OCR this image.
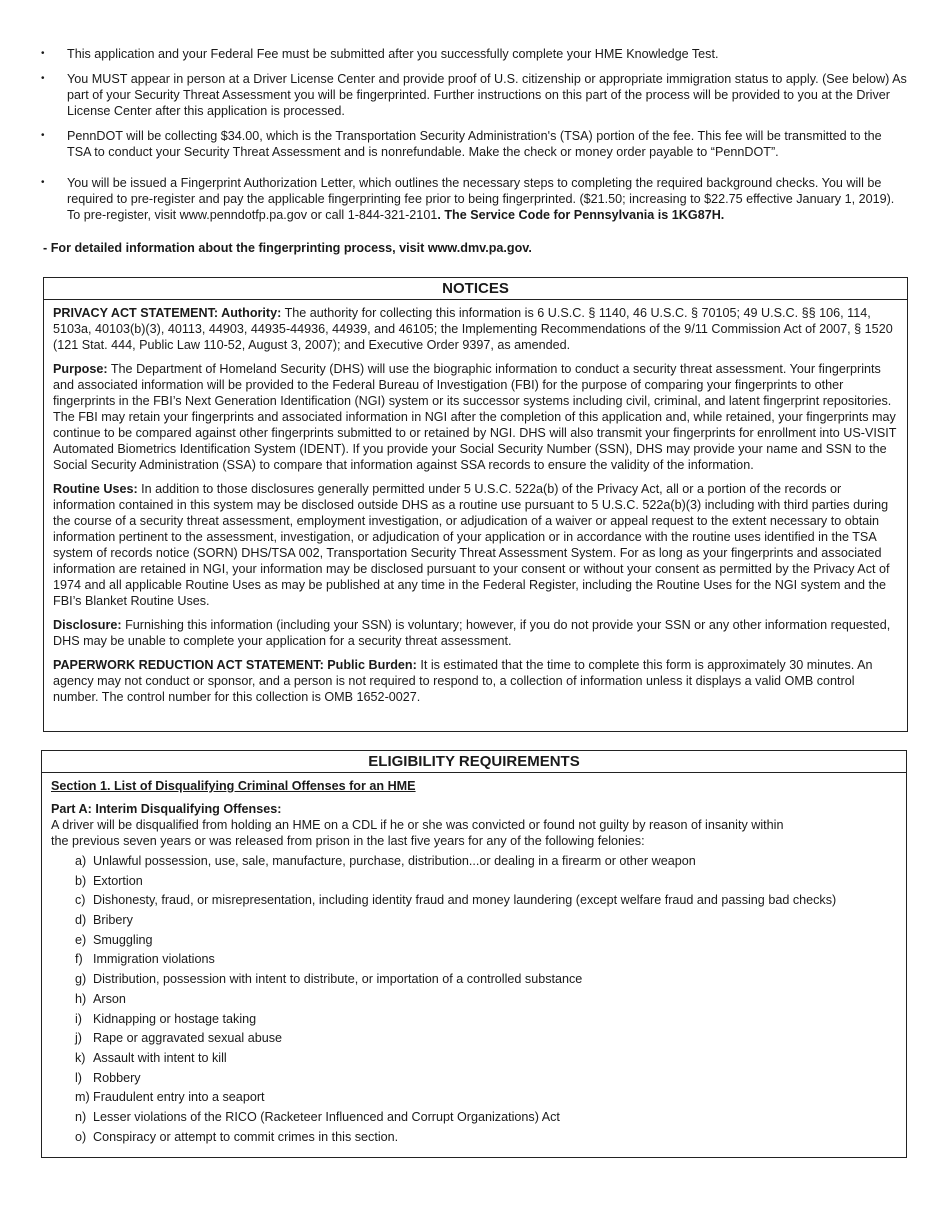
• This application and your Federal Fee must be submitted after you successfully complete your HME Knowledge Test.
• You MUST appear in person at a Driver License Center and provide proof of U.S. citizenship or appropriate immigration status to apply. (See below) As part of your Security Threat Assessment you will be fingerprinted. Further instructions on this part of the process will be provided to you at the Driver License Center after this application is processed.
• PennDOT will be collecting $34.00, which is the Transportation Security Administration's (TSA) portion of the fee. This fee will be transmitted to the TSA to conduct your Security Threat Assessment and is nonrefundable. Make the check or money order payable to “PennDOT”.
• You will be issued a Fingerprint Authorization Letter, which outlines the necessary steps to completing the required background checks. You will be required to pre-register and pay the applicable fingerprinting fee prior to being fingerprinted. ($21.50; increasing to $22.75 effective January 1, 2019). To pre-register, visit www.penndotfp.pa.gov or call 1-844-321-2101. The Service Code for Pennsylvania is 1KG87H.
- For detailed information about the fingerprinting process, visit www.dmv.pa.gov.
NOTICES

PRIVACY ACT STATEMENT: Authority: The authority for collecting this information is 6 U.S.C. § 1140, 46 U.S.C. § 70105; 49 U.S.C. §§ 106, 114, 5103a, 40103(b)(3), 40113, 44903, 44935-44936, 44939, and 46105; the Implementing Recommendations of the 9/11 Commission Act of 2007, § 1520 (121 Stat. 444, Public Law 110-52, August 3, 2007); and Executive Order 9397, as amended.

Purpose: The Department of Homeland Security (DHS) will use the biographic information to conduct a security threat assessment. Your fingerprints and associated information will be provided to the Federal Bureau of Investigation (FBI) for the purpose of comparing your fingerprints to other fingerprints in the FBI’s Next Generation Identification (NGI) system or its successor systems including civil, criminal, and latent fingerprint repositories. The FBI may retain your fingerprints and associated information in NGI after the completion of this application and, while retained, your fingerprints may continue to be compared against other fingerprints submitted to or retained by NGI. DHS will also transmit your fingerprints for enrollment into US-VISIT Automated Biometrics Identification System (IDENT). If you provide your Social Security Number (SSN), DHS may provide your name and SSN to the Social Security Administration (SSA) to compare that information against SSA records to ensure the validity of the information.

Routine Uses: In addition to those disclosures generally permitted under 5 U.S.C. 522a(b) of the Privacy Act, all or a portion of the records or information contained in this system may be disclosed outside DHS as a routine use pursuant to 5 U.S.C. 522a(b)(3) including with third parties during the course of a security threat assessment, employment investigation, or adjudication of a waiver or appeal request to the extent necessary to obtain information pertinent to the assessment, investigation, or adjudication of your application or in accordance with the routine uses identified in the TSA system of records notice (SORN) DHS/TSA 002, Transportation Security Threat Assessment System. For as long as your fingerprints and associated information are retained in NGI, your information may be disclosed pursuant to your consent or without your consent as permitted by the Privacy Act of 1974 and all applicable Routine Uses as may be published at any time in the Federal Register, including the Routine Uses for the NGI system and the FBI’s Blanket Routine Uses.

Disclosure: Furnishing this information (including your SSN) is voluntary; however, if you do not provide your SSN or any other information requested, DHS may be unable to complete your application for a security threat assessment.

PAPERWORK REDUCTION ACT STATEMENT: Public Burden: It is estimated that the time to complete this form is approximately 30 minutes. An agency may not conduct or sponsor, and a person is not required to respond to, a collection of information unless it displays a valid OMB control number. The control number for this collection is OMB 1652-0027.

ELIGIBILITY REQUIREMENTS
Section 1. List of Disqualifying Criminal Offenses for an HME
Part A: Interim Disqualifying Offenses:
A driver will be disqualified from holding an HME on a CDL if he or she was convicted or found not guilty by reason of insanity within
the previous seven years or was released from prison in the last five years for any of the following felonies:
a) Unlawful possession, use, sale, manufacture, purchase, distribution...or dealing in a firearm or other weapon
b) Extortion
c) Dishonesty, fraud, or misrepresentation, including identity fraud and money laundering (except welfare fraud and passing bad checks)
d) Bribery
e) Smuggling
f) Immigration violations
g) Distribution, possession with intent to distribute, or importation of a controlled substance
h) Arson
i) Kidnapping or hostage taking
j) Rape or aggravated sexual abuse
k) Assault with intent to kill
l) Robbery
m) Fraudulent entry into a seaport
n) Lesser violations of the RICO (Racketeer Influenced and Corrupt Organizations) Act
o) Conspiracy or attempt to commit crimes in this section.
